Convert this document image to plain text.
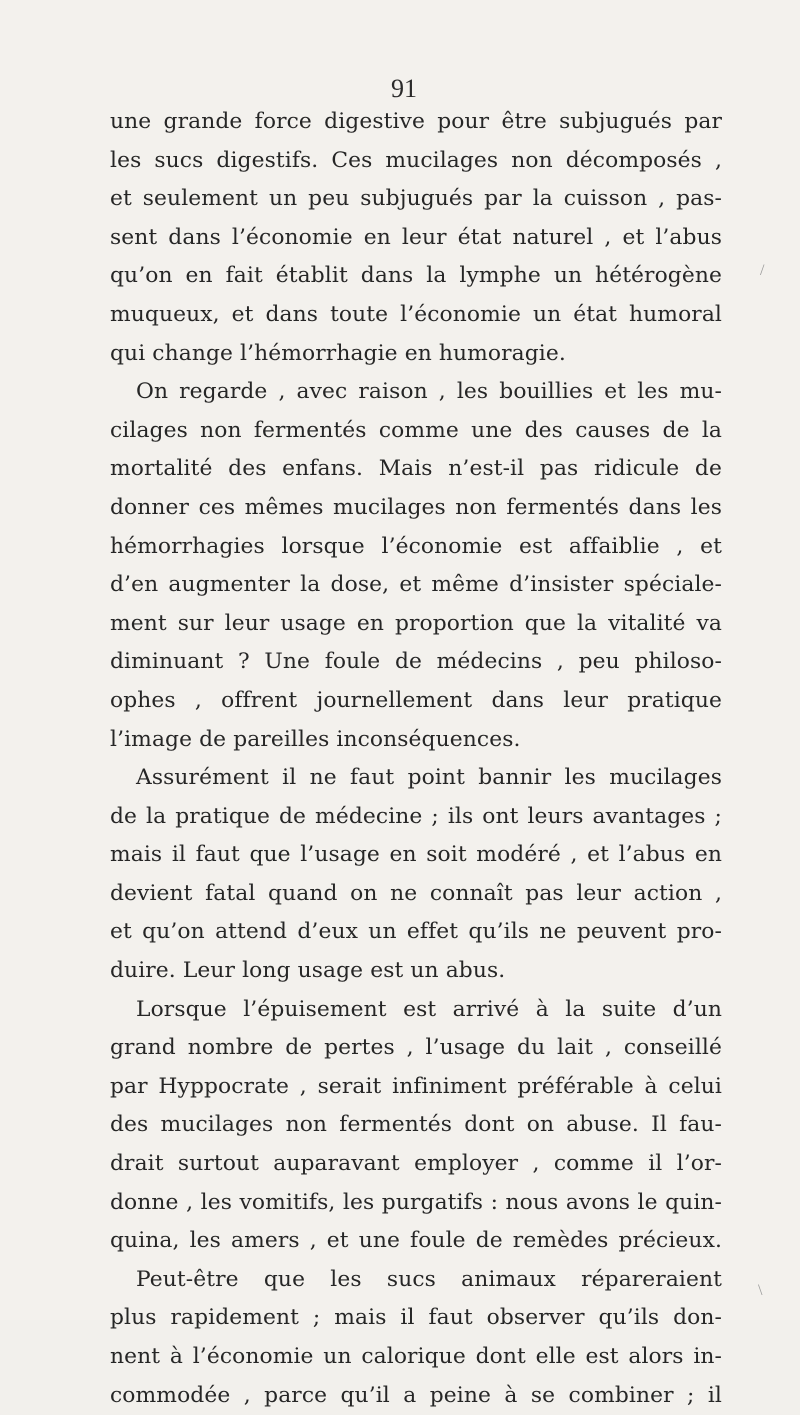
91
une grande force digestive pour être subjugués par
les sucs digestifs. Ces mucilages non décomposés ,
et seulement un peu subjugués par la cuisson , pas-
sent dans l’économie en leur état naturel , et l’abus
qu’on en fait établit dans la lymphe un hétérogène
muqueux, et dans toute l’économie un état humoral
qui change l’hémorrhagie en humoragie.
On regarde , avec raison , les bouillies et les mu-
cilages non fermentés comme une des causes de la
mortalité des enfans. Mais n’est-il pas ridicule de
donner ces mêmes mucilages non fermentés dans les
hémorrhagies lorsque l’économie est affaiblie , et
d’en augmenter la dose, et même d’insister spéciale-
ment sur leur usage en proportion que la vitalité va
diminuant ? Une foule de médecins , peu philoso-
ophes , offrent journellement dans leur pratique
l’image de pareilles inconséquences.
Assurément il ne faut point bannir les mucilages
de la pratique de médecine ; ils ont leurs avantages ;
mais il faut que l’usage en soit modéré , et l’abus en
devient fatal quand on ne connaît pas leur action ,
et qu’on attend d’eux un effet qu’ils ne peuvent pro-
duire. Leur long usage est un abus.
Lorsque l’épuisement est arrivé à la suite d’un
grand nombre de pertes , l’usage du lait , conseillé
par Hyppocrate , serait infiniment préférable à celui
des mucilages non fermentés dont on abuse. Il fau-
drait surtout auparavant employer , comme il l’or-
donne , les vomitifs, les purgatifs : nous avons le quin-
quina, les amers , et une foule de remèdes précieux.
Peut-être que les sucs animaux répareraient
plus rapidement ; mais il faut observer qu’ils don-
nent à l’économie un calorique dont elle est alors in-
commodée , parce qu’il a peine à se combiner ; il
/
\
